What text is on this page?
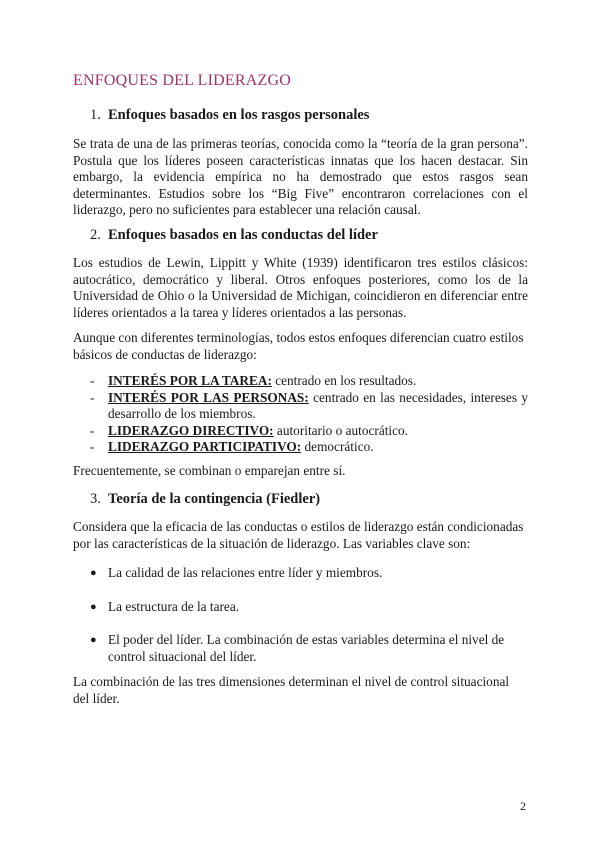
ENFOQUES DEL LIDERAZGO
1. Enfoques basados en los rasgos personales

Se trata de una de las primeras teorías, conocida como la “teoría de la gran persona”. Postula que los líderes poseen características innatas que los hacen destacar. Sin embargo, la evidencia empírica no ha demostrado que estos rasgos sean determinantes. Estudios sobre los “Big Five” encontraron correlaciones con el liderazgo, pero no suficientes para establecer una relación causal.

2. Enfoques basados en las conductas del líder

Los estudios de Lewin, Lippitt y White (1939) identificaron tres estilos clásicos: autocrático, democrático y liberal. Otros enfoques posteriores, como los de la Universidad de Ohio o la Universidad de Michigan, coincidieron en diferenciar entre líderes orientados a la tarea y líderes orientados a las personas.

Aunque con diferentes terminologías, todos estos enfoques diferencian cuatro estilos básicos de conductas de liderazgo:

- INTERÉS POR LA TAREA: centrado en los resultados.
- INTERÉS POR LAS PERSONAS: centrado en las necesidades, intereses y desarrollo de los miembros.
- LIDERAZGO DIRECTIVO: autoritario o autocrático.
- LIDERAZGO PARTICIPATIVO: democrático.

Frecuentemente, se combinan o emparejan entre sí.

3. Teoría de la contingencia (Fiedler)

Considera que la eficacia de las conductas o estilos de liderazgo están condicionadas por las características de la situación de liderazgo. Las variables clave son:

● La calidad de las relaciones entre líder y miembros.
● La estructura de la tarea.
● El poder del líder. La combinación de estas variables determina el nivel de control situacional del líder.

La combinación de las tres dimensiones determinan el nivel de control situacional del líder.

2
